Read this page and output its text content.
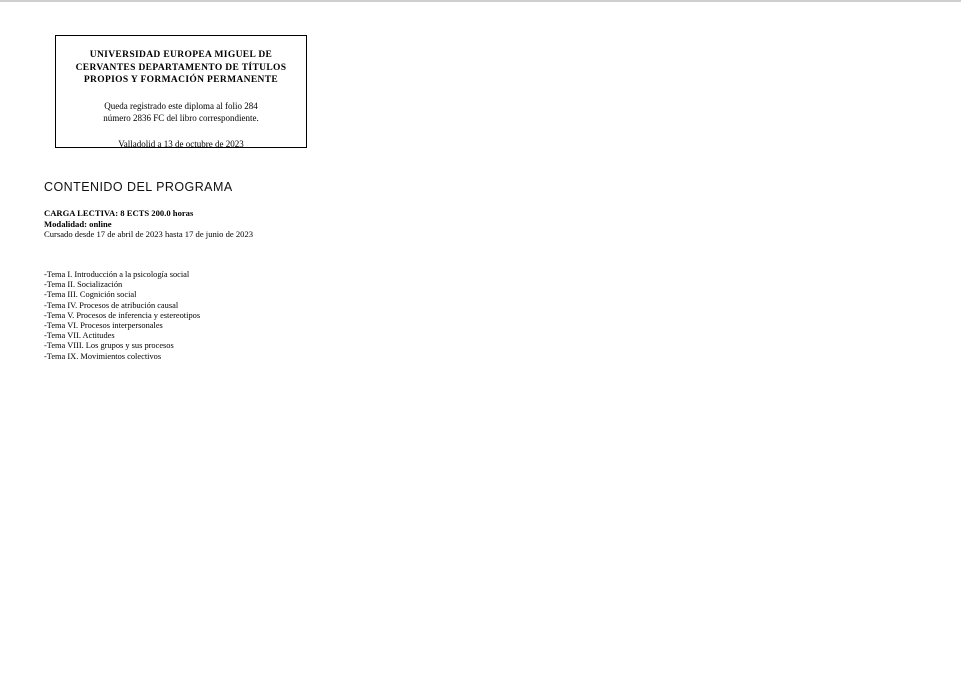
UNIVERSIDAD EUROPEA MIGUEL DE
CERVANTES DEPARTAMENTO DE TÍTULOS
PROPIOS Y FORMACIÓN PERMANENTE
Queda registrado este diploma al folio 284
número 2836 FC del libro correspondiente.
Valladolid a 13 de octubre de 2023
CONTENIDO DEL PROGRAMA
CARGA LECTIVA: 8 ECTS 200.0 horas
Modalidad: online
Cursado desde 17 de abril de 2023 hasta 17 de junio de 2023
-Tema I. Introducción a la psicología social
-Tema II. Socialización
-Tema III. Cognición social
-Tema IV. Procesos de atribución causal
-Tema V. Procesos de inferencia y estereotipos
-Tema VI. Procesos interpersonales
-Tema VII. Actitudes
-Tema VIII. Los grupos y sus procesos
-Tema IX. Movimientos colectivos
